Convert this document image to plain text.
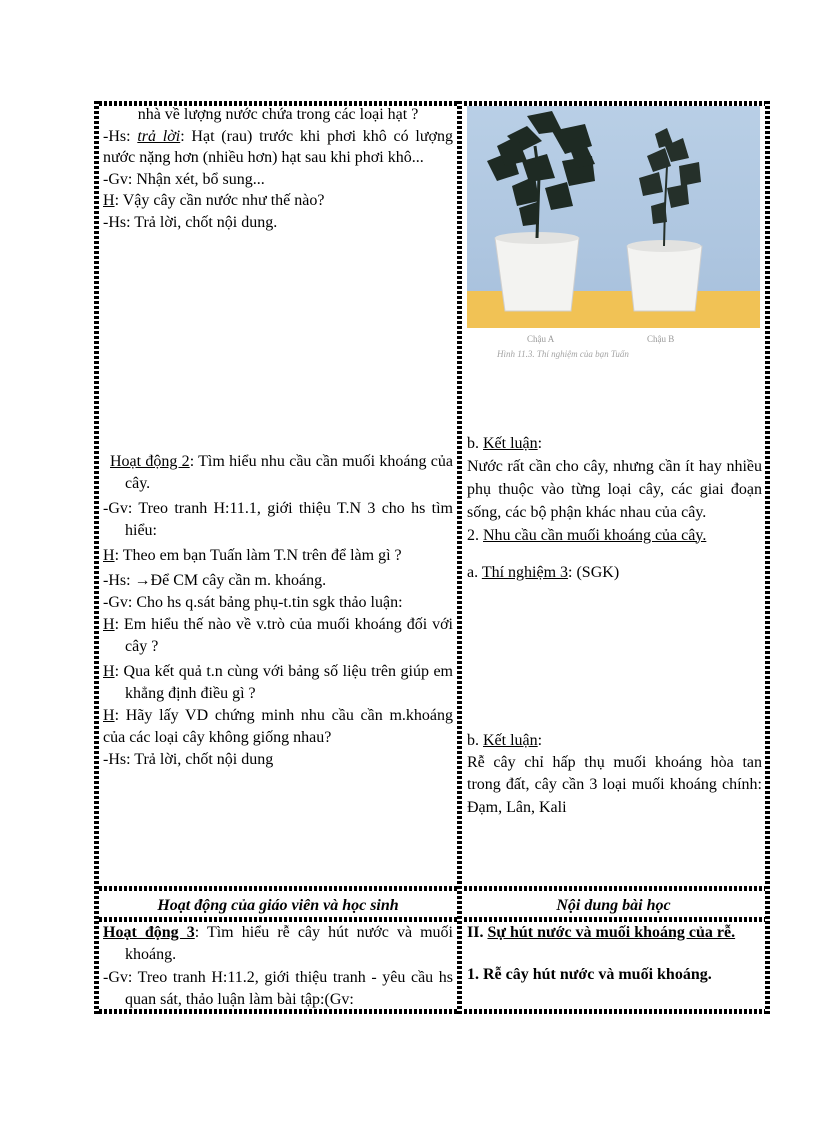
nhà về lượng nước chứa trong các loại hạt ?

-Hs: trả lời: Hạt (rau) trước khi phơi khô có lượng nước nặng hơn (nhiều hơn) hạt sau khi phơi khô...

-Gv: Nhận xét, bổ sung...

H: Vậy cây cần nước như thế nào?

-Hs: Trả lời, chốt nội dung.

Hoạt động 2: Tìm hiểu nhu cầu cần muối khoáng của cây.

-Gv: Treo tranh H:11.1, giới thiệu T.N 3 cho hs tìm hiểu:

H: Theo em bạn Tuấn làm T.N trên để làm gì ?

-Hs: →Để CM cây cần m. khoáng.

-Gv: Cho hs q.sát bảng phụ-t.tin sgk thảo luận:

H: Em hiểu thế nào về v.trò của muối khoáng đối với cây ?

H: Qua kết quả t.n cùng với bảng số liệu trên giúp em khẳng định điều gì ?

H: Hãy lấy VD chứng minh nhu cầu cần m.khoáng của các loại cây không giống nhau?

-Hs: Trả lời, chốt nội dung

Chậu A	Chậu B
Hình 11.3. Thí nghiệm của bạn Tuấn

b. Kết luận:

Nước rất cần cho cây, nhưng cần ít hay nhiều phụ thuộc vào từng loại cây, các giai đoạn sống, các bộ phận khác nhau của cây.

2. Nhu cầu cần muối khoáng của cây.

a. Thí nghiệm 3: (SGK)

b. Kết luận:

Rễ cây chỉ hấp thụ muối khoáng hòa tan trong đất, cây cần 3 loại muối khoáng chính: Đạm, Lân, Kali

Hoạt động của giáo viên và học sinh	Nội dung bài học

Hoạt động 3: Tìm hiểu rễ cây hút nước và muối khoáng.

-Gv: Treo tranh H:11.2, giới thiệu tranh - yêu cầu hs quan sát, thảo luận làm bài tập:(Gv:

II. Sự hút nước và muối khoáng của rễ.

1. Rễ cây hút nước và muối khoáng.
